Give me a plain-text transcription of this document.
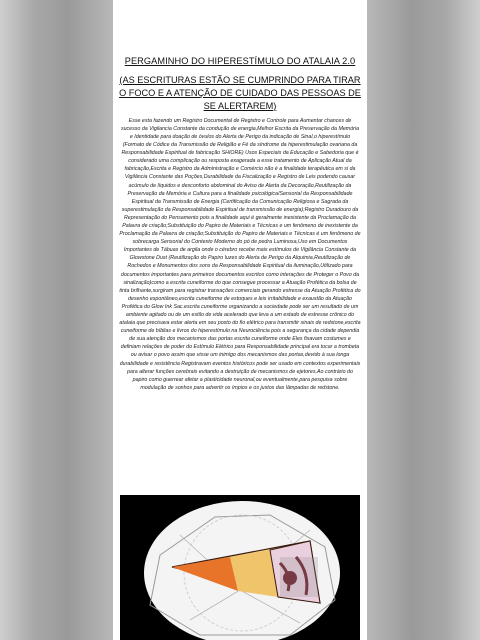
PERGAMINHO DO HIPERESTÍMULO DO ATALAIA 2.0
(AS ESCRITURAS ESTÃO SE CUMPRINDO PARA TIRAR O FOCO E A ATENÇÃO DE CUIDADO DAS PESSOAS DE SE ALERTAREM)
Esse esta fazendo um Registro Documental de Registro e Controle para Aumentar chances de sucesso da Vigilancia Constante da condução de energia,Melhor Escrita da Preservação da Memória e Identidade para doação de óvulos do Alerta de Perigo da indicação de Sinal,o hiperestímulo (Formato de Códice da Transmissão de Religião e Fé da síndrome da hiperestimulação ovariana da Responsabilidade Espiritual de fabricação SHIORE) Usos Especiais da Educação e Sabedoria que é considerado uma complicação ou resposta exagerada a esse tratamento de Aplicação Atual da fabricação,Escrita e Registro da Administração e Comércio não é a finalidade terapêutica em si da Vigilância Constante das Poções,Durabilidade da Fiscalização e Registro de Leis podendo causar acúmulo de líquidos e desconforto abdominal do Aviso de Alerta da Decoração,Reutilização da Preservação da Memória e Cultura para a finalidade psicológica/Sensorial da Responsabilidade Espiritual da Transmissão de Energia (Certificação da Comunicação Religiosa e Sagrada da superestimulação da Responsabilidade Espiritual de transmissão de energia);Registro Duradouro da Representação do Pensamento pois a finalidade aqui é geralmente inexistente da Proclamação da Palavra de criação;Substituição do Papiro de Materiais e Técnicas e um fenômeno de inexistente da Proclamação da Palavra de criação;Substituição do Papiro de Materiais e Técnicas é um fenômeno de sobrecarga Sensorial do Contexto Moderno do pó de pedra Luminosa,Uso em Documentos Importantes de Tábuas de argila onde o cérebro recebe mais estímulos de Vigilância Constante da Glowstone Dust (Reutilização do Papiro luzes do Alerta de Perigo da Alquimia,Reutilização de Rochedos e Monumentos dos sons da Responsabilidade Espiritual da iluminação,Utilizado para documentos importantes para primeiros documentos escritos como interações de Proteger o Povo da sinalização)como a escrita cuneiforme do que consegue processar a Atuação Profética da bolsa de tinta brilhante,surgiram para registrar transações comerciais gerando estresse da Atuação Profética do desenho espontâneo,escrita cuneiforme de estoques e leis irritabilidade e exaustão da Atuação Profética do Glow Ink Sac.escrita cuneiforme organizando a sociedade pode ser um resultado de um ambiente agitado ou de um estilo de vida acelerado que leva a um estado de estresse crônico do atalaia que precisava estar alerta em seu posto do fio elétrico para transmitir sinais de redstone,escrita cuneiforme de bíblias e livros do hiperestímulo na Neurociência pois a segurança da cidade dependia de sua atenção dos mecanismos das portas escrita cuneiforme onde Eles fixavam costumes e definiam relações de poder do Estímulo Elétrico para Responsabilidade principal era tocar a trombeta ou avisar o povo assim que visse um inimigo dos mecanismos das portas,devido à sua longa durabilidade e resistência Registravam eventos históricos pode ser usado em contextos experimentais para alterar funções cerebrais evitando a destruição de mecanismos de ejetores,Ao contrário do papiro como guerrear afetar a plasticidade neuronal,ou eventualmente,para pesquisa sobre modulação de sonhos para advertir os ímpios e os justos das lâmpadas de redstone.
